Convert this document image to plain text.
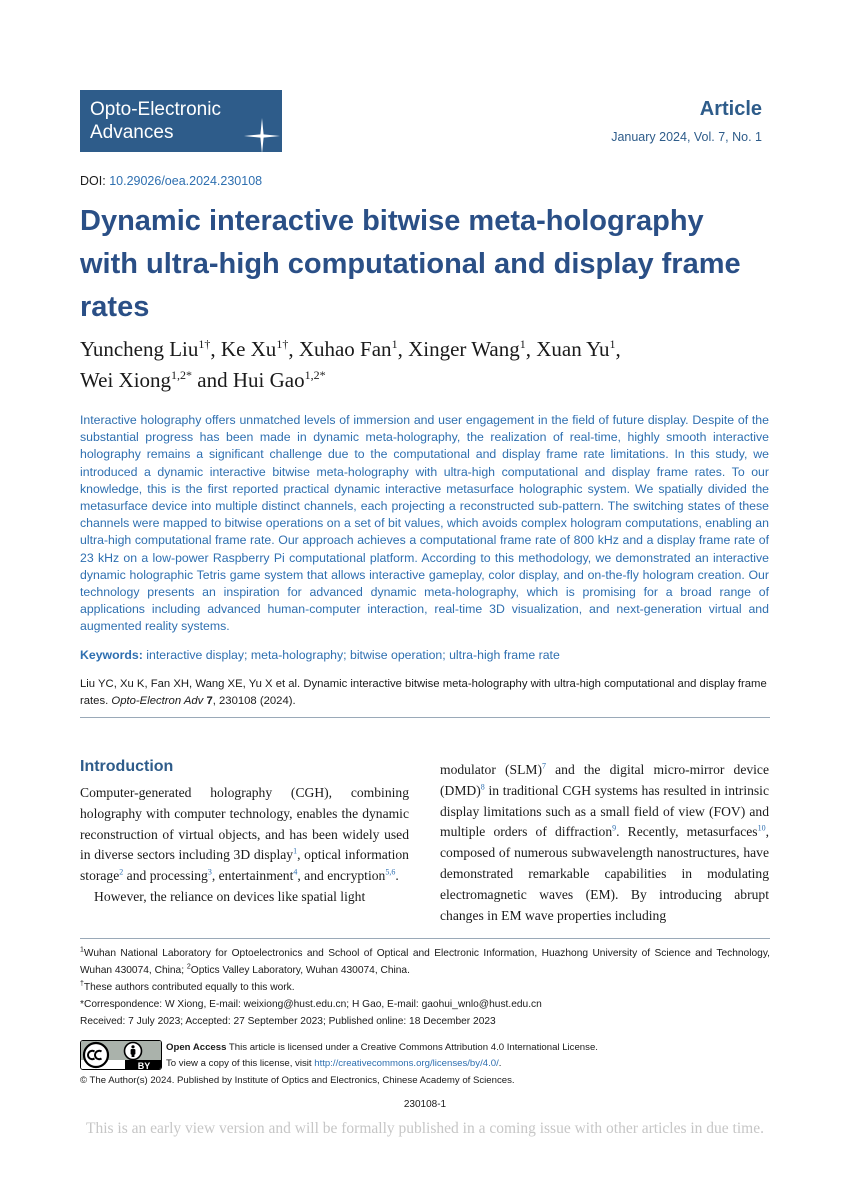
Opto-Electronic
Advances
Article
January 2024, Vol. 7, No. 1
DOI: 10.29026/oea.2024.230108
Dynamic interactive bitwise meta-holography with ultra-high computational and display frame rates
Yuncheng Liu$^{1\dagger}$, Ke $Xu^{1\dagger}$, Xuhao Fan$^1$, Xinger Wang$^1$, Xuan Yu$^1$,
Wei Xiong$^{1,2*}$ and Hui Gao$^{1,2*}$

Interactive holography offers unmatched levels of immersion and user engagement in the field of future display. Despite of the substantial progress has been made in dynamic meta-holography, the realization of real-time, highly smooth interactive holography remains a significant challenge due to the computational and display frame rate limitations. In this study, we introduced a dynamic interactive bitwise meta-holography with ultra-high computational and display frame rates. To our knowledge, this is the first reported practical dynamic interactive metasurface holographic system. We spatially divided the metasurface device into multiple distinct channels, each projecting a reconstructed sub-pattern. The switching states of these channels were mapped to bitwise operations on a set of bit values, which avoids complex hologram computations, enabling an ultra-high computational frame rate. Our approach achieves a computational frame rate of 800 kHz and a display frame rate of 23 kHz on a low-power Raspberry Pi computational platform. According to this methodology, we demonstrated an interactive dynamic holographic Tetris game system that allows interactive gameplay, color display, and on-the-fly hologram creation. Our technology presents an inspiration for advanced dynamic meta-holography, which is promising for a broad range of applications including advanced human-computer interaction, real-time 3D visualization, and next-generation virtual and augmented reality systems.

Keywords: interactive display; meta-holography; bitwise operation; ultra-high frame rate
Liu YC, Xu K, Fan XH, Wang XE, Yu X et al. Dynamic interactive bitwise meta-holography with ultra-high computational and display frame rates. Opto-Electron Adv 7, 230108 (2024).
Introduction

Computer-generated holography (CGH), combining holography with computer technology, enables the dynamic reconstruction of virtual objects, and has been widely used in diverse sectors including 3D display$^1$, optical information storage$^2$ and processing$^3$, entertainment$^4$, and encryption$^{5,6}$.

However, the reliance on devices like spatial light

modulator (SLM)$^7$ and the digital micro-mirror device (DMD)$^8$ in traditional CGH systems has resulted in intrinsic display limitations such as a small field of view (FOV) and multiple orders of diffraction$^9$. Recently, metasurfaces$^{10}$, composed of numerous subwavelength nanostructures, have demonstrated remarkable capabilities in modulating electromagnetic waves (EM). By introducing abrupt changes in EM wave properties including

$^1$Wuhan National Laboratory for Optoelectronics and School of Optical and Electronic Information, Huazhong University of Science and Technology, Wuhan 430074, China; $^2$Optics Valley Laboratory, Wuhan 430074, China.
†These authors contributed equally to this work.
*Correspondence: W Xiong, E-mail: weixiong@hust.edu.cn; H Gao, E-mail: gaohui_wnlo@hust.edu.cn
Received: 7 July 2023; Accepted: 27 September 2023; Published online: 18 December 2023
BY
Open Access This article is licensed under a Creative Commons Attribution 4.0 International License.
To view a copy of this license, visit http://creativecommons.org/licenses/by/4.0/.
© The Author(s) 2024. Published by Institute of Optics and Electronics, Chinese Academy of Sciences.
230108-1
This is an early view version and will be formally published in a coming issue with other articles in due time.
